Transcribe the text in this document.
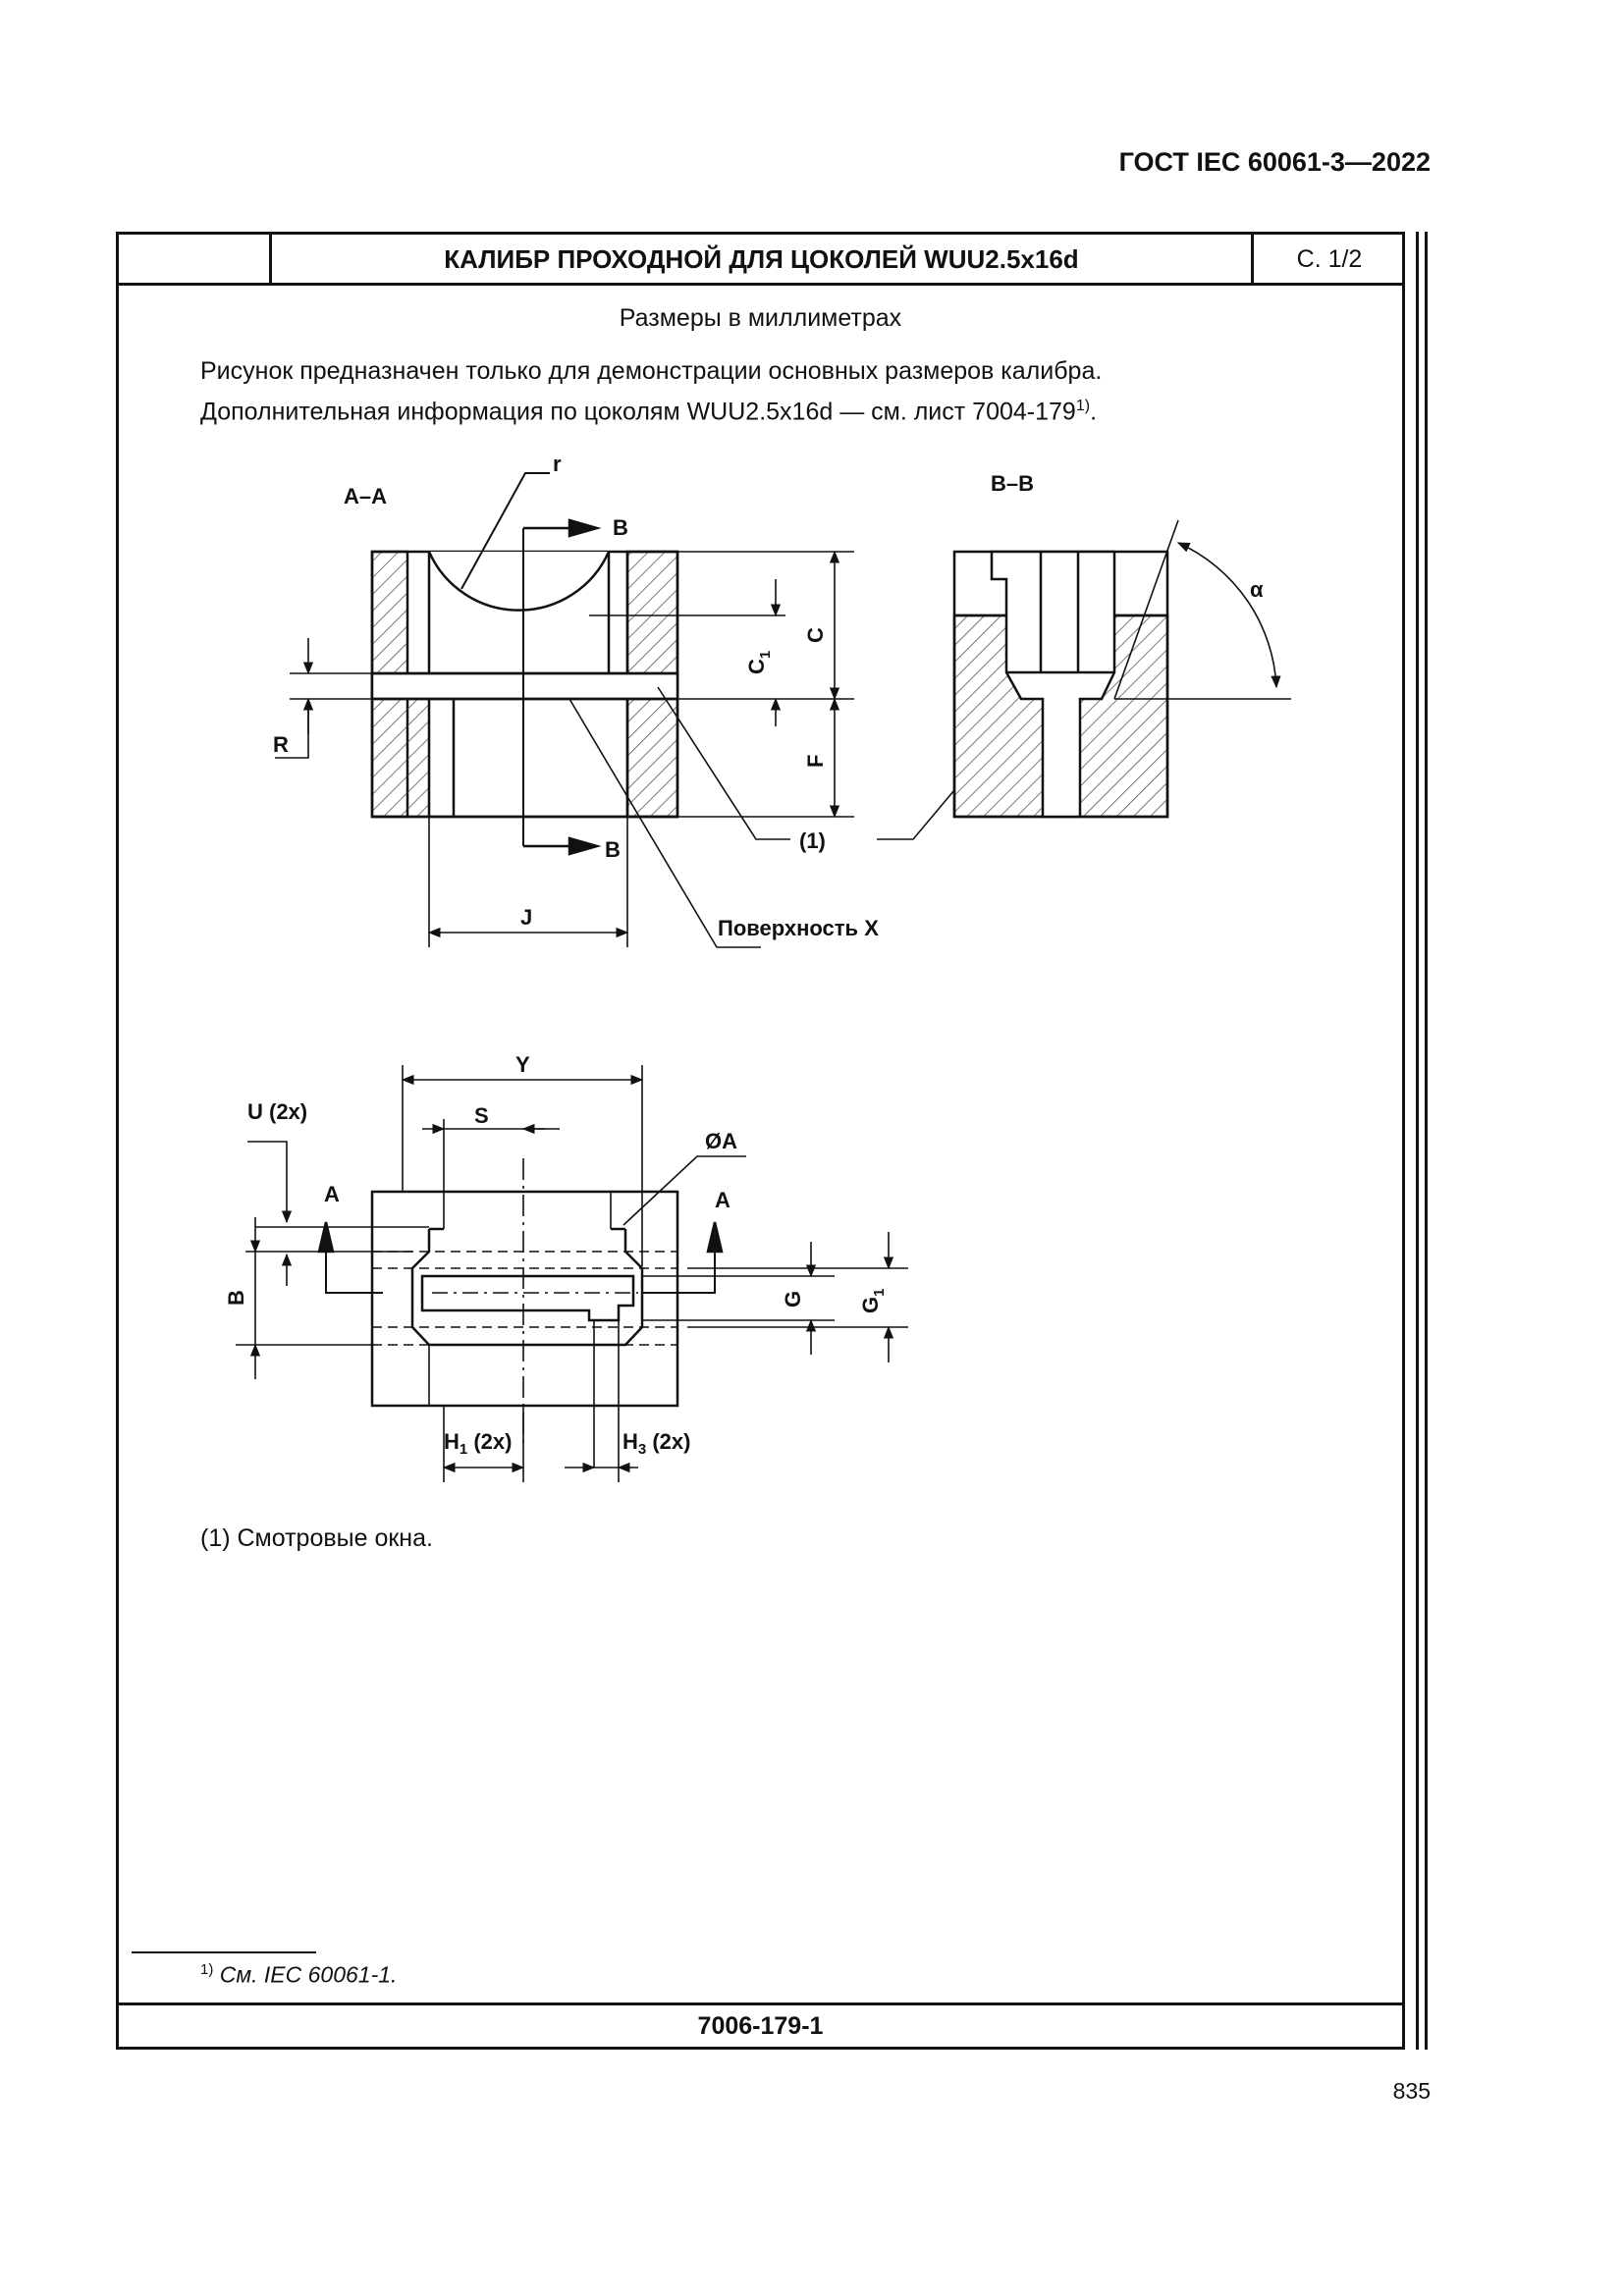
ГОСТ IEC 60061-3—2022
КАЛИБР ПРОХОДНОЙ ДЛЯ ЦОКОЛЕЙ WUU2.5x16d	С. 1/2
Размеры в миллиметрах
Рисунок предназначен только для демонстрации основных размеров калибра.
Дополнительная информация по цоколям WUU2.5x16d — см. лист 7004-179$^{1)}$.
A–A
B–B
r
B
B
C
$C_1$
F
R
J
α
(1)
Поверхность X
Y
S
U (2x)
ØA
A	A
B	G $G_1$
$H_1$ (2x)	$H_3$ (2x)
(1) Смотровые окна.
$^{1)}$ См. IEC 60061-1.
7006-179-1
835
